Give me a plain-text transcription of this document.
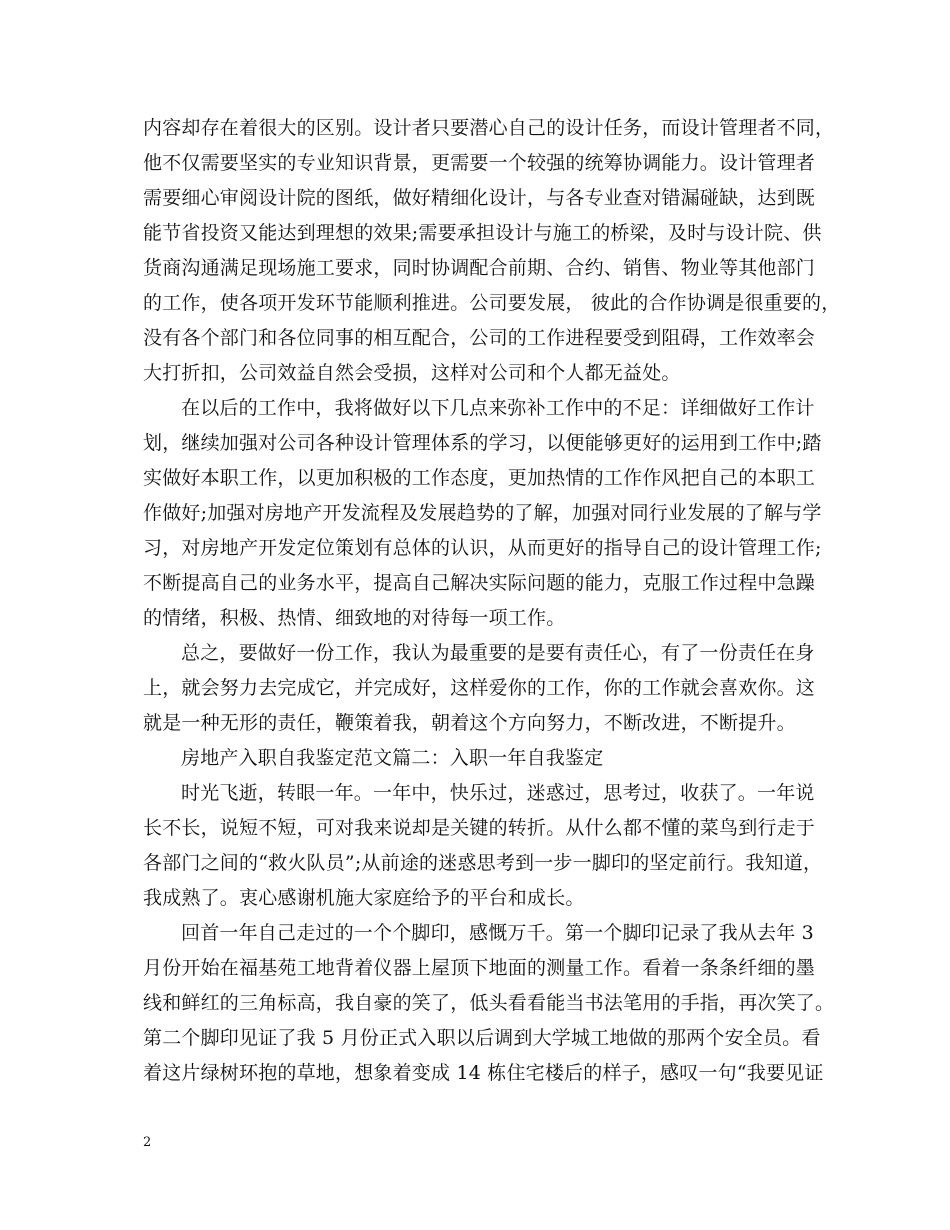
内容却存在着很大的区别。设计者只要潜心自己的设计任务，而设计管理者不同，
他不仅需要坚实的专业知识背景，更需要一个较强的统筹协调能力。设计管理者
需要细心审阅设计院的图纸，做好精细化设计，与各专业查对错漏碰缺，达到既
能节省投资又能达到理想的效果;需要承担设计与施工的桥梁，及时与设计院、供
货商沟通满足现场施工要求，同时协调配合前期、合约、销售、物业等其他部门
的工作，使各项开发环节能顺利推进。公司要发展， 彼此的合作协调是很重要的，
没有各个部门和各位同事的相互配合，公司的工作进程要受到阻碍，工作效率会
大打折扣，公司效益自然会受损，这样对公司和个人都无益处。
在以后的工作中，我将做好以下几点来弥补工作中的不足：详细做好工作计
划，继续加强对公司各种设计管理体系的学习，以便能够更好的运用到工作中;踏
实做好本职工作，以更加积极的工作态度，更加热情的工作作风把自己的本职工
作做好;加强对房地产开发流程及发展趋势的了解，加强对同行业发展的了解与学
习，对房地产开发定位策划有总体的认识，从而更好的指导自己的设计管理工作;
不断提高自己的业务水平，提高自己解决实际问题的能力，克服工作过程中急躁
的情绪，积极、热情、细致地的对待每一项工作。
总之，要做好一份工作，我认为最重要的是要有责任心，有了一份责任在身
上，就会努力去完成它，并完成好，这样爱你的工作，你的工作就会喜欢你。这
就是一种无形的责任，鞭策着我，朝着这个方向努力，不断改进，不断提升。
房地产入职自我鉴定范文篇二：入职一年自我鉴定
时光飞逝，转眼一年。一年中，快乐过，迷惑过，思考过，收获了。一年说
长不长，说短不短，可对我来说却是关键的转折。从什么都不懂的菜鸟到行走于
各部门之间的“救火队员”;从前途的迷惑思考到一步一脚印的坚定前行。我知道，
我成熟了。衷心感谢机施大家庭给予的平台和成长。
回首一年自己走过的一个个脚印，感慨万千。第一个脚印记录了我从去年 3
月份开始在福基苑工地背着仪器上屋顶下地面的测量工作。看着一条条纤细的墨
线和鲜红的三角标高，我自豪的笑了，低头看看能当书法笔用的手指，再次笑了。
第二个脚印见证了我 5 月份正式入职以后调到大学城工地做的那两个安全员。看
着这片绿树环抱的草地，想象着变成 14 栋住宅楼后的样子，感叹一句“我要见证
2
